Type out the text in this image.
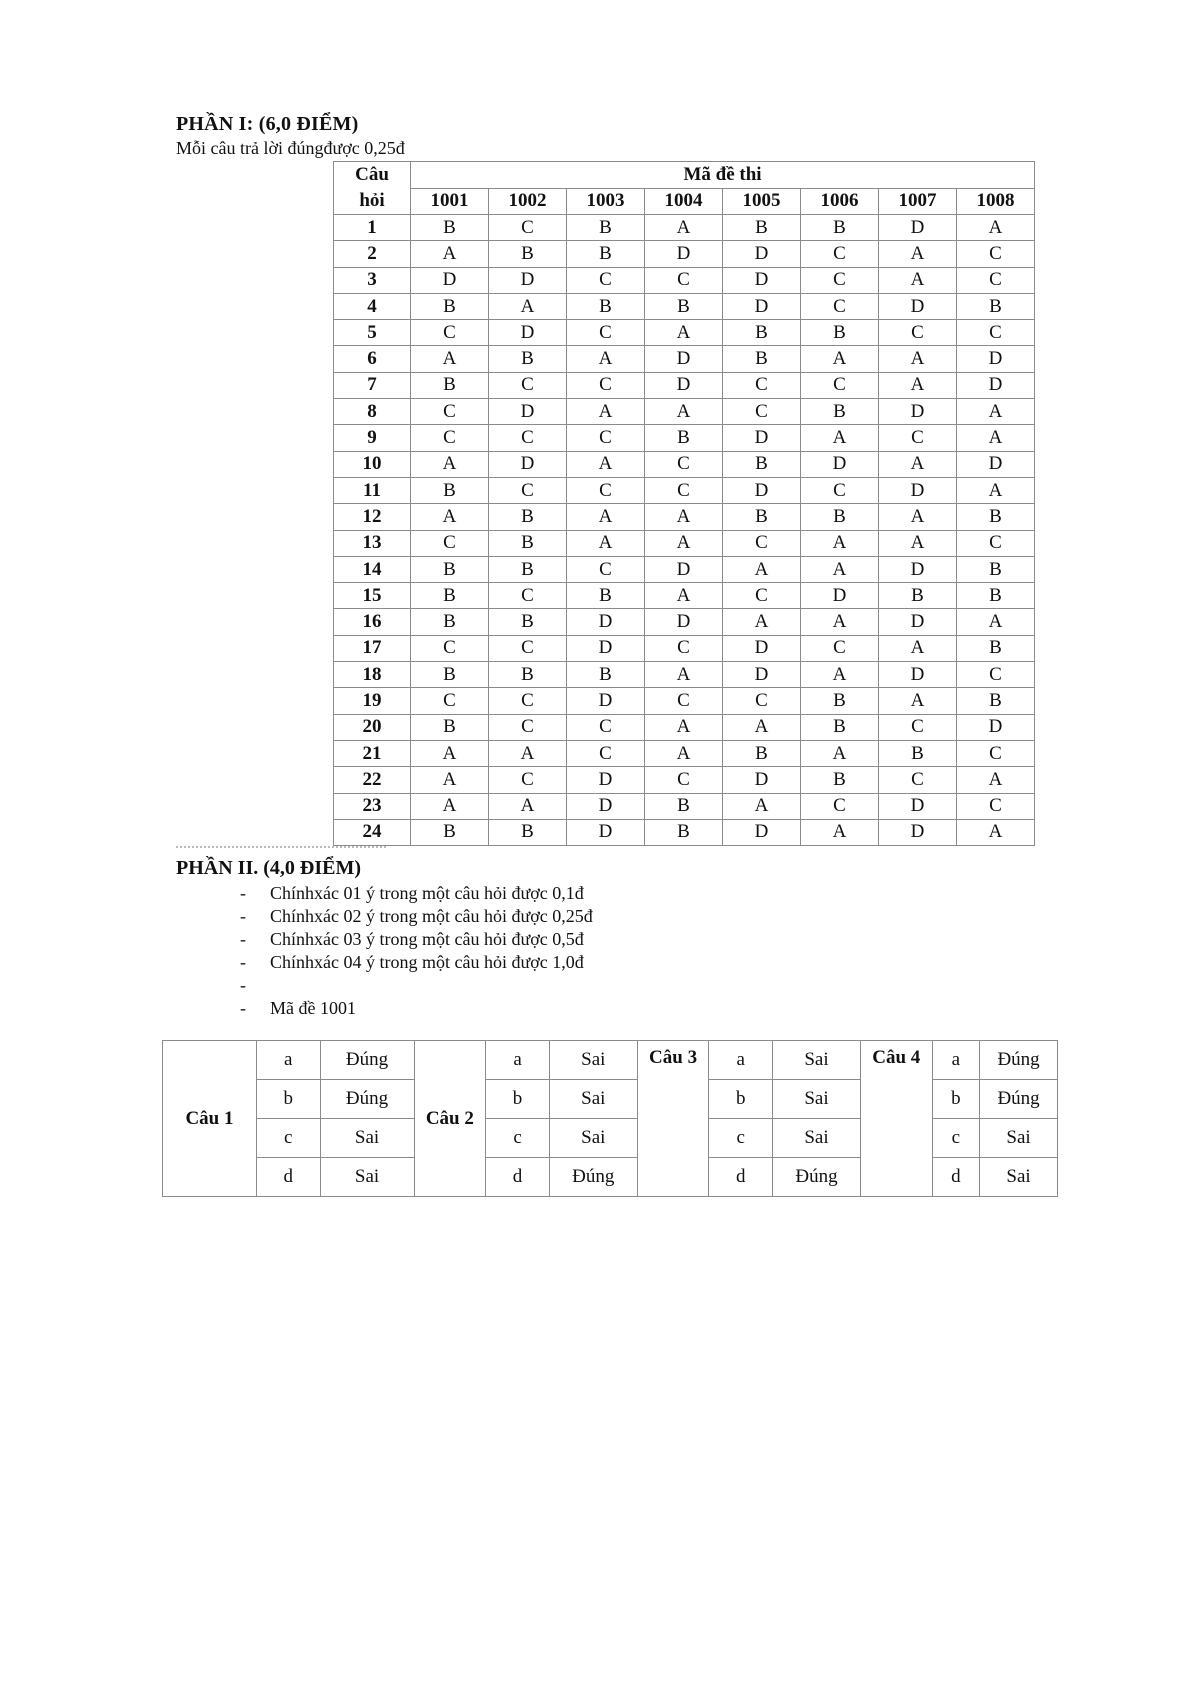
PHẦN I: (6,0 ĐIỂM)
Mỗi câu trả lời đúngđược 0,25đ
Câu
hỏi	Mã đề thi							
	1001	1002	1003	1004	1005	1006	1007	1008
1	B	C	B	A	B	B	D	A
2	A	B	B	D	D	C	A	C
3	D	D	C	C	D	C	A	C
4	B	A	B	B	D	C	D	B
5	C	D	C	A	B	B	C	C
6	A	B	A	D	B	A	A	D
7	B	C	C	D	C	C	A	D
8	C	D	A	A	C	B	D	A
9	C	C	C	B	D	A	C	A
10	A	D	A	C	B	D	A	D
11	B	C	C	C	D	C	D	A
12	A	B	A	A	B	B	A	B
13	C	B	A	A	C	A	A	C
14	B	B	C	D	A	A	D	B
15	B	C	B	A	C	D	B	B
16	B	B	D	D	A	A	D	A
17	C	C	D	C	D	C	A	B
18	B	B	B	A	D	A	D	C
19	C	C	D	C	C	B	A	B
20	B	C	C	A	A	B	C	D
21	A	A	C	A	B	A	B	C
22	A	C	D	C	D	B	C	A
23	A	A	D	B	A	C	D	C
24	B	B	D	B	D	A	D	A
PHẦN II. (4,0 ĐIỂM)
-	Chínhxác 01 ý trong một câu hỏi được 0,1đ
-	Chínhxác 02 ý trong một câu hỏi được 0,25đ
-	Chínhxác 03 ý trong một câu hỏi được 0,5đ
-	Chínhxác 04 ý trong một câu hỏi được 1,0đ
-
-	Mã đề 1001
Câu 1	a	Đúng	Câu 2	a	Sai	Câu 3	a	Sai	Câu 4	a	Đúng
	b	Đúng		b	Sai		b	Sai		b	Đúng
	c	Sai		c	Sai		c	Sai		c	Sai
	d	Sai		d	Đúng		d	Đúng		d	Sai
